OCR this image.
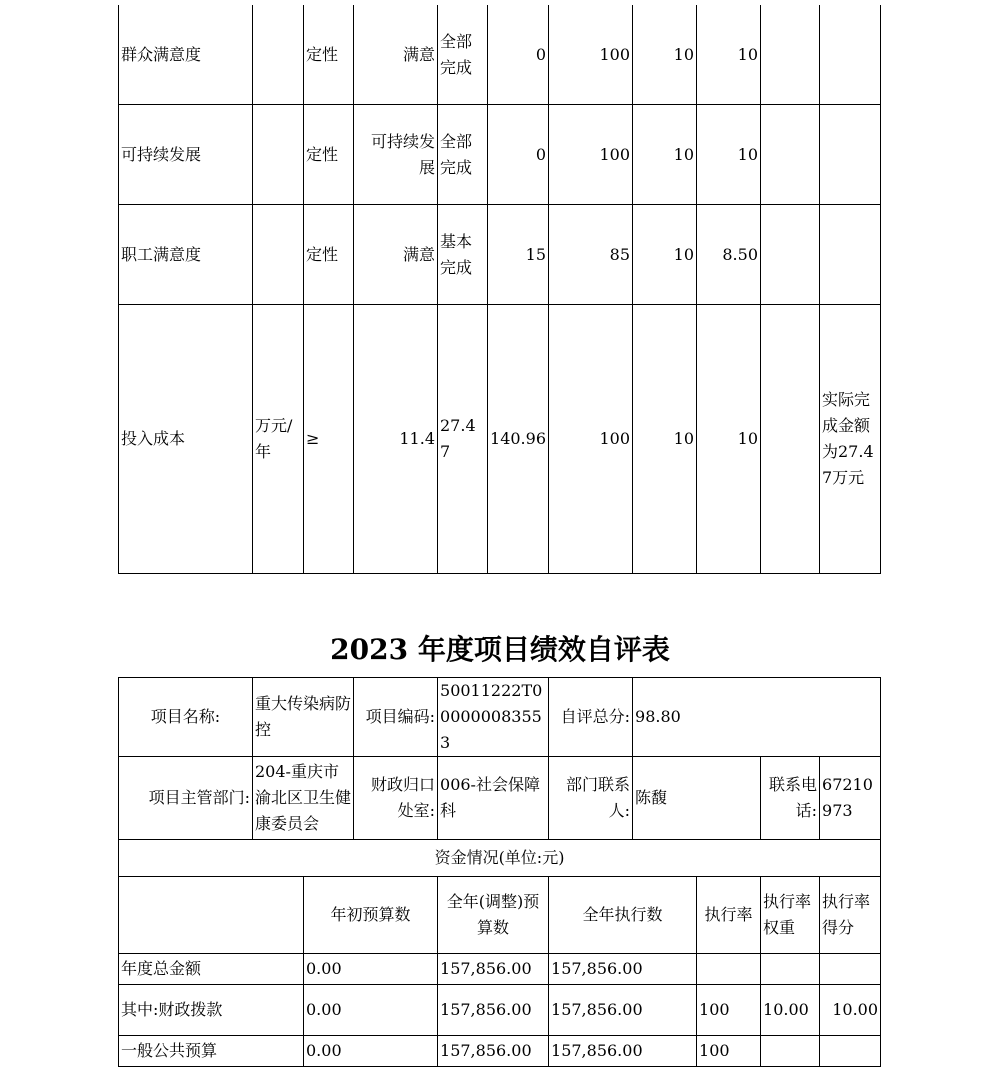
群众满意度		定性	满意	全部完成	0	100	10	10		
可持续发展		定性	可持续发展	全部完成	0	100	10	10		
职工满意度		定性	满意	基本完成	15	85	10	8.50		
投入成本	万元/年	≥	11.4	27.47	140.96	100	10	10		实际完成金额为27.47万元
2023 年度项目绩效自评表
项目名称:	重大传染病防控		项目编码:	50011222T000000083553	自评总分:	98.80			
项目主管部门:	204-重庆市渝北区卫生健康委员会		财政归口处室:	006-社会保障科	部门联系人:	陈馥		联系电话:	67210973
资金情况(单位:元)									
		年初预算数		全年(调整)预算数	全年执行数		执行率	执行率权重	执行率得分
年度总金额		0.00		157,856.00	157,856.00				
其中:财政拨款		0.00		157,856.00	157,856.00		100	10.00	10.00
一般公共预算		0.00		157,856.00	157,856.00		100		
